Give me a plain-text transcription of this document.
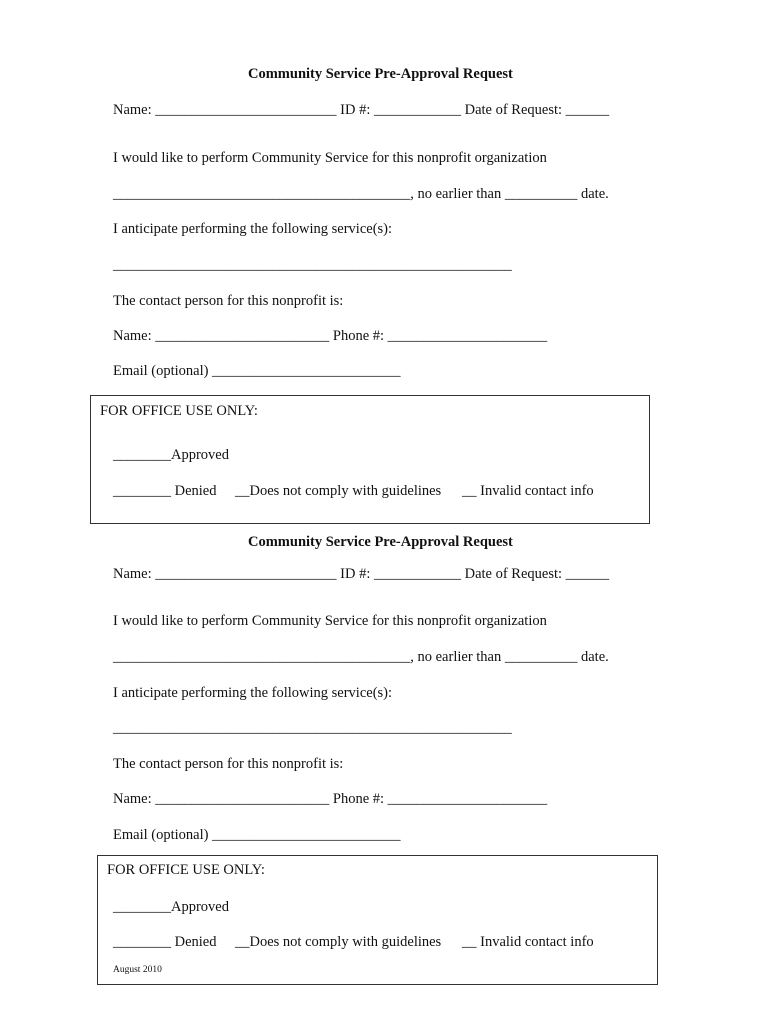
Community Service Pre-Approval Request
Name: _________________________ ID #: ____________ Date of Request: ______
I would like to perform Community Service for this nonprofit organization
_________________________________________, no earlier than __________ date.
I anticipate performing the following service(s):
_______________________________________________________
The contact person for this nonprofit is:
Name: ________________________ Phone #: ______________________
Email (optional) __________________________
FOR OFFICE USE ONLY:
________Approved
________ Denied __Does not comply with guidelines __ Invalid contact info
Community Service Pre-Approval Request
Name: _________________________ ID #: ____________ Date of Request: ______
I would like to perform Community Service for this nonprofit organization
_________________________________________, no earlier than __________ date.
I anticipate performing the following service(s):
_______________________________________________________
The contact person for this nonprofit is:
Name: ________________________ Phone #: ______________________
Email (optional) __________________________
FOR OFFICE USE ONLY:
________Approved
________ Denied __Does not comply with guidelines __ Invalid contact info
August 2010
